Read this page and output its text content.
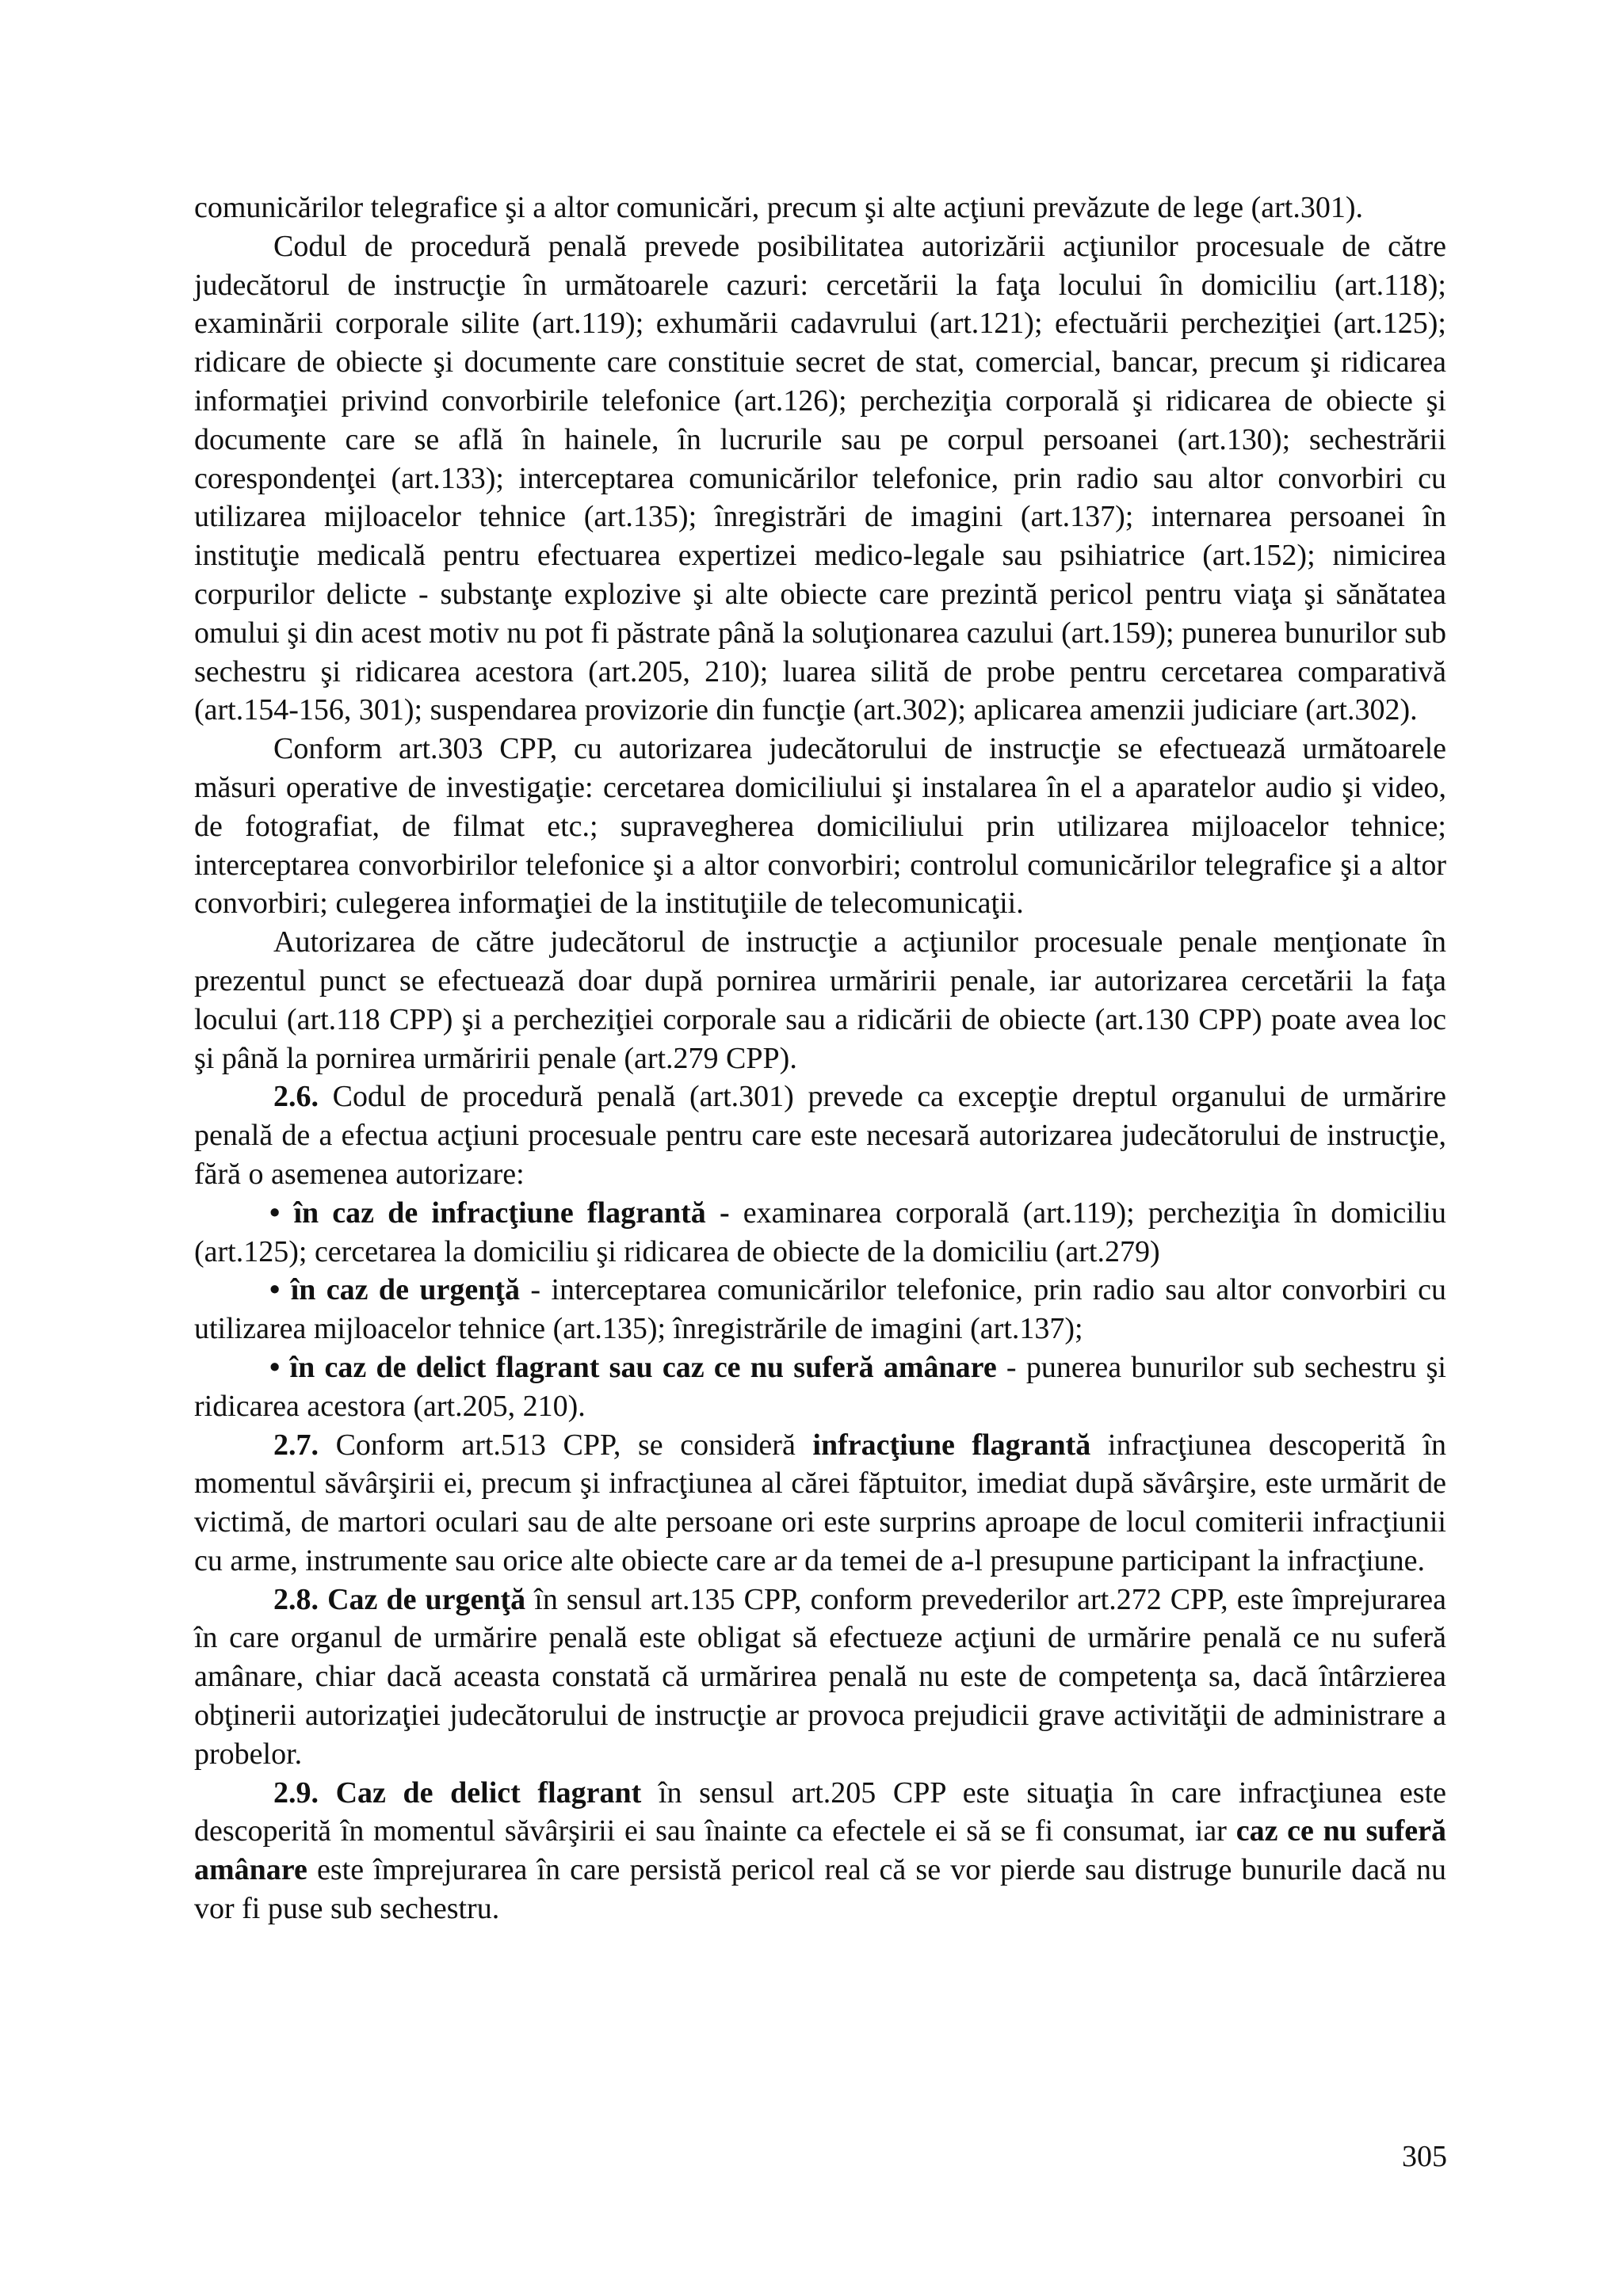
comunicărilor telegrafice şi a altor comunicări, precum şi alte acţiuni prevăzute de lege (art.301).

Codul de procedură penală prevede posibilitatea autorizării acţiunilor procesuale de către judecătorul de instrucţie în următoarele cazuri: cercetării la faţa locului în domiciliu (art.118); examinării corporale silite (art.119); exhumării cadavrului (art.121); efectuării percheziţiei (art.125); ridicare de obiecte şi documente care constituie secret de stat, comercial, bancar, precum şi ridicarea informaţiei privind convorbirile telefonice (art.126); percheziţia corporală şi ridicarea de obiecte şi documente care se află în hainele, în lucrurile sau pe corpul persoanei (art.130); sechestrării corespondenţei (art.133); interceptarea comunicărilor telefonice, prin radio sau altor convorbiri cu utilizarea mijloacelor tehnice (art.135); înregistrări de imagini (art.137); internarea persoanei în instituţie medicală pentru efectuarea expertizei medico-legale sau psihiatrice (art.152); nimicirea corpurilor delicte - substanţe explozive şi alte obiecte care prezintă pericol pentru viaţa şi sănătatea omului şi din acest motiv nu pot fi păstrate până la soluţionarea cazului (art.159); punerea bunurilor sub sechestru şi ridicarea acestora (art.205, 210); luarea silită de probe pentru cercetarea comparativă (art.154-156, 301); suspendarea provizorie din funcţie (art.302); aplicarea amenzii judiciare (art.302).

Conform art.303 CPP, cu autorizarea judecătorului de instrucţie se efectuează următoarele măsuri operative de investigaţie: cercetarea domiciliului şi instalarea în el a aparatelor audio şi video, de fotografiat, de filmat etc.; supravegherea domiciliului prin utilizarea mijloacelor tehnice; interceptarea convorbirilor telefonice şi a altor convorbiri; controlul comunicărilor telegrafice şi a altor convorbiri; culegerea informaţiei de la instituţiile de telecomunicaţii.

Autorizarea de către judecătorul de instrucţie a acţiunilor procesuale penale menţionate în prezentul punct se efectuează doar după pornirea urmăririi penale, iar autorizarea cercetării la faţa locului (art.118 CPP) şi a percheziţiei corporale sau a ridicării de obiecte (art.130 CPP) poate avea loc şi până la pornirea urmăririi penale (art.279 CPP).

2.6. Codul de procedură penală (art.301) prevede ca excepţie dreptul organului de urmărire penală de a efectua acţiuni procesuale pentru care este necesară autorizarea judecătorului de instrucţie, fără o asemenea autorizare:

• în caz de infracţiune flagrantă - examinarea corporală (art.119); percheziţia în domiciliu (art.125); cercetarea la domiciliu şi ridicarea de obiecte de la domiciliu (art.279)

• în caz de urgenţă - interceptarea comunicărilor telefonice, prin radio sau altor convorbiri cu utilizarea mijloacelor tehnice (art.135); înregistrările de imagini (art.137);

• în caz de delict flagrant sau caz ce nu suferă amânare - punerea bunurilor sub sechestru şi ridicarea acestora (art.205, 210).

2.7. Conform art.513 CPP, se consideră infracţiune flagrantă infracţiunea descoperită în momentul săvârşirii ei, precum şi infracţiunea al cărei făptuitor, imediat după săvârşire, este urmărit de victimă, de martori oculari sau de alte persoane ori este surprins aproape de locul comiterii infracţiunii cu arme, instrumente sau orice alte obiecte care ar da temei de a-l presupune participant la infracţiune.

2.8. Caz de urgenţă în sensul art.135 CPP, conform prevederilor art.272 CPP, este împrejurarea în care organul de urmărire penală este obligat să efectueze acţiuni de urmărire penală ce nu suferă amânare, chiar dacă aceasta constată că urmărirea penală nu este de competenţa sa, dacă întârzierea obţinerii autorizaţiei judecătorului de instrucţie ar provoca prejudicii grave activităţii de administrare a probelor.

2.9. Caz de delict flagrant în sensul art.205 CPP este situaţia în care infracţiunea este descoperită în momentul săvârşirii ei sau înainte ca efectele ei să se fi consumat, iar caz ce nu suferă amânare este împrejurarea în care persistă pericol real că se vor pierde sau distruge bunurile dacă nu vor fi puse sub sechestru.

305
